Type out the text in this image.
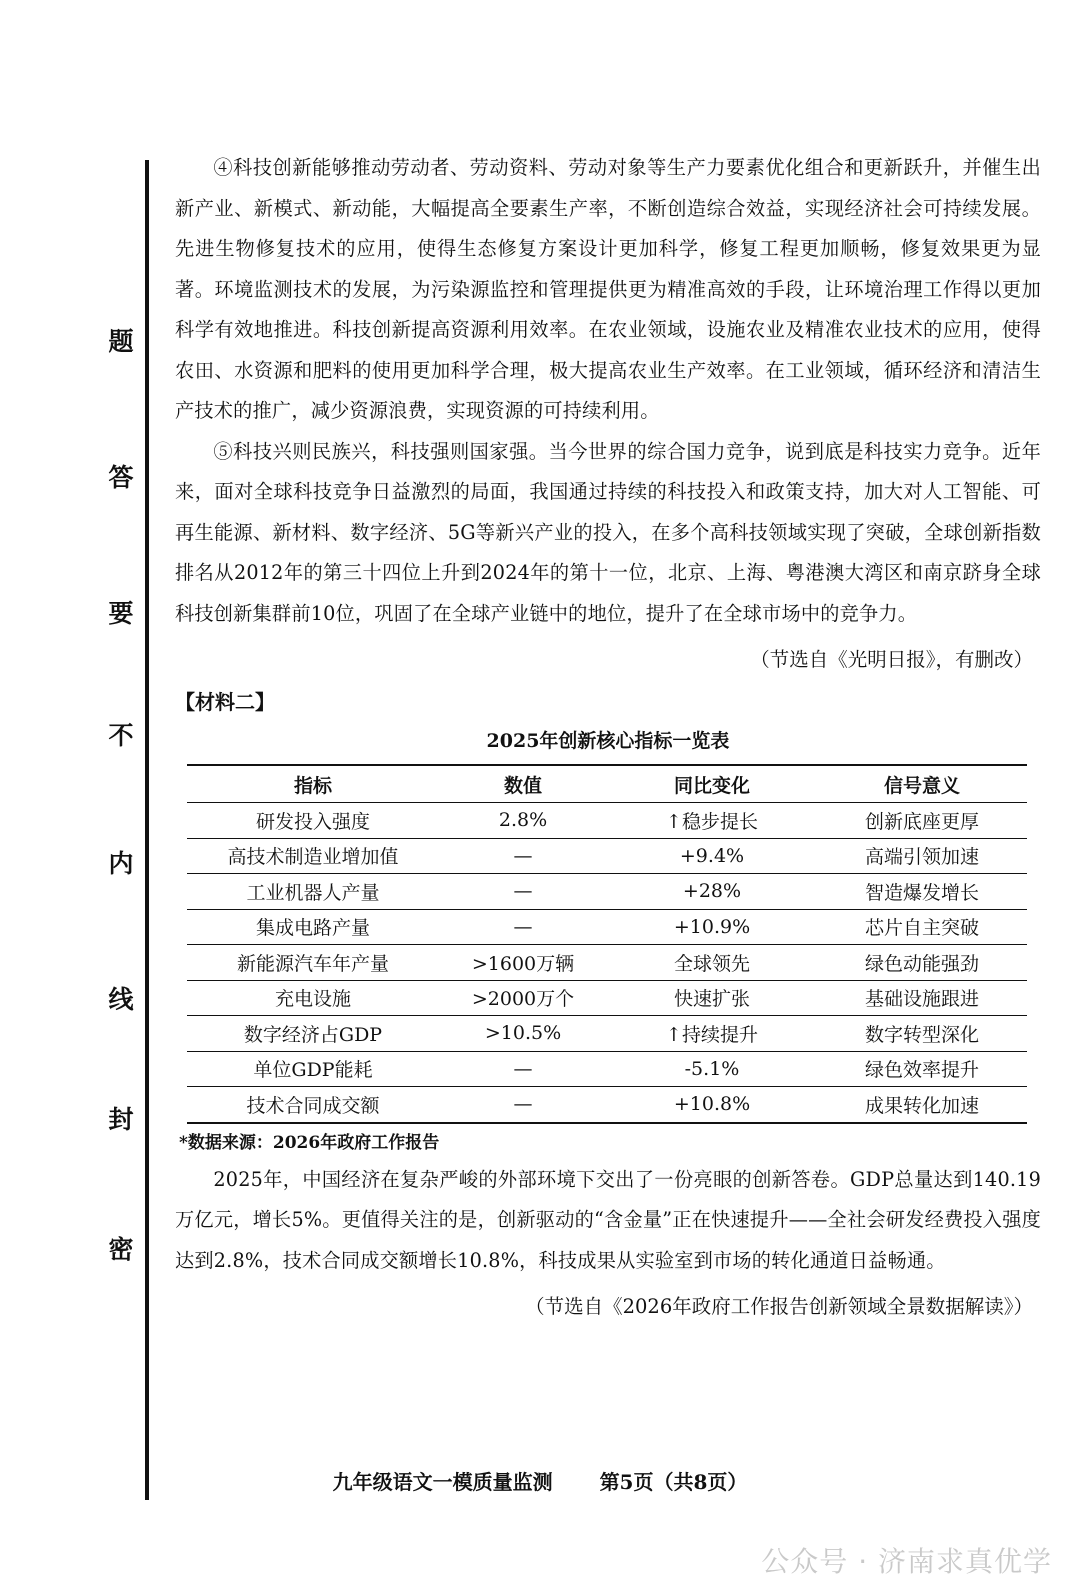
题
答
要
不
内
线
封
密

④科技创新能够推动劳动者、劳动资料、劳动对象等生产力要素优化组合和更新跃升，并催生出新产业、新模式、新动能，大幅提高全要素生产率，不断创造综合效益，实现经济社会可持续发展。先进生物修复技术的应用，使得生态修复方案设计更加科学，修复工程更加顺畅，修复效果更为显著。环境监测技术的发展，为污染源监控和管理提供更为精准高效的手段，让环境治理工作得以更加科学有效地推进。科技创新提高资源利用效率。在农业领域，设施农业及精准农业技术的应用，使得农田、水资源和肥料的使用更加科学合理，极大提高农业生产效率。在工业领域，循环经济和清洁生产技术的推广，减少资源浪费，实现资源的可持续利用。

⑤科技兴则民族兴，科技强则国家强。当今世界的综合国力竞争，说到底是科技实力竞争。近年来，面对全球科技竞争日益激烈的局面，我国通过持续的科技投入和政策支持，加大对人工智能、可再生能源、新材料、数字经济、5G等新兴产业的投入，在多个高科技领域实现了突破，全球创新指数排名从2012年的第三十四位上升到2024年的第十一位，北京、上海、粤港澳大湾区和南京跻身全球科技创新集群前10位，巩固了在全球产业链中的地位，提升了在全球市场中的竞争力。

（节选自《光明日报》，有删改）
【材料二】
2025年创新核心指标一览表
指标	数值	同比变化	信号意义
研发投入强度	2.8%	↑稳步提长	创新底座更厚
高技术制造业增加值	—	+9.4%	高端引领加速
工业机器人产量	—	+28%	智造爆发增长
集成电路产量	—	+10.9%	芯片自主突破
新能源汽车年产量	>1600万辆	全球领先	绿色动能强劲
充电设施	>2000万个	快速扩张	基础设施跟进
数字经济占GDP	>10.5%	↑持续提升	数字转型深化
单位GDP能耗	—	-5.1%	绿色效率提升
技术合同成交额	—	+10.8%	成果转化加速
*数据来源：2026年政府工作报告

2025年，中国经济在复杂严峻的外部环境下交出了一份亮眼的创新答卷。GDP总量达到140.19万亿元，增长5%。更值得关注的是，创新驱动的“含金量”正在快速提升——全社会研发经费投入强度达到2.8%，技术合同成交额增长10.8%，科技成果从实验室到市场的转化通道日益畅通。

（节选自《2026年政府工作报告创新领域全景数据解读》）
九年级语文一模质量监测 第5页（共8页）
公众号 · 济南求真优学
